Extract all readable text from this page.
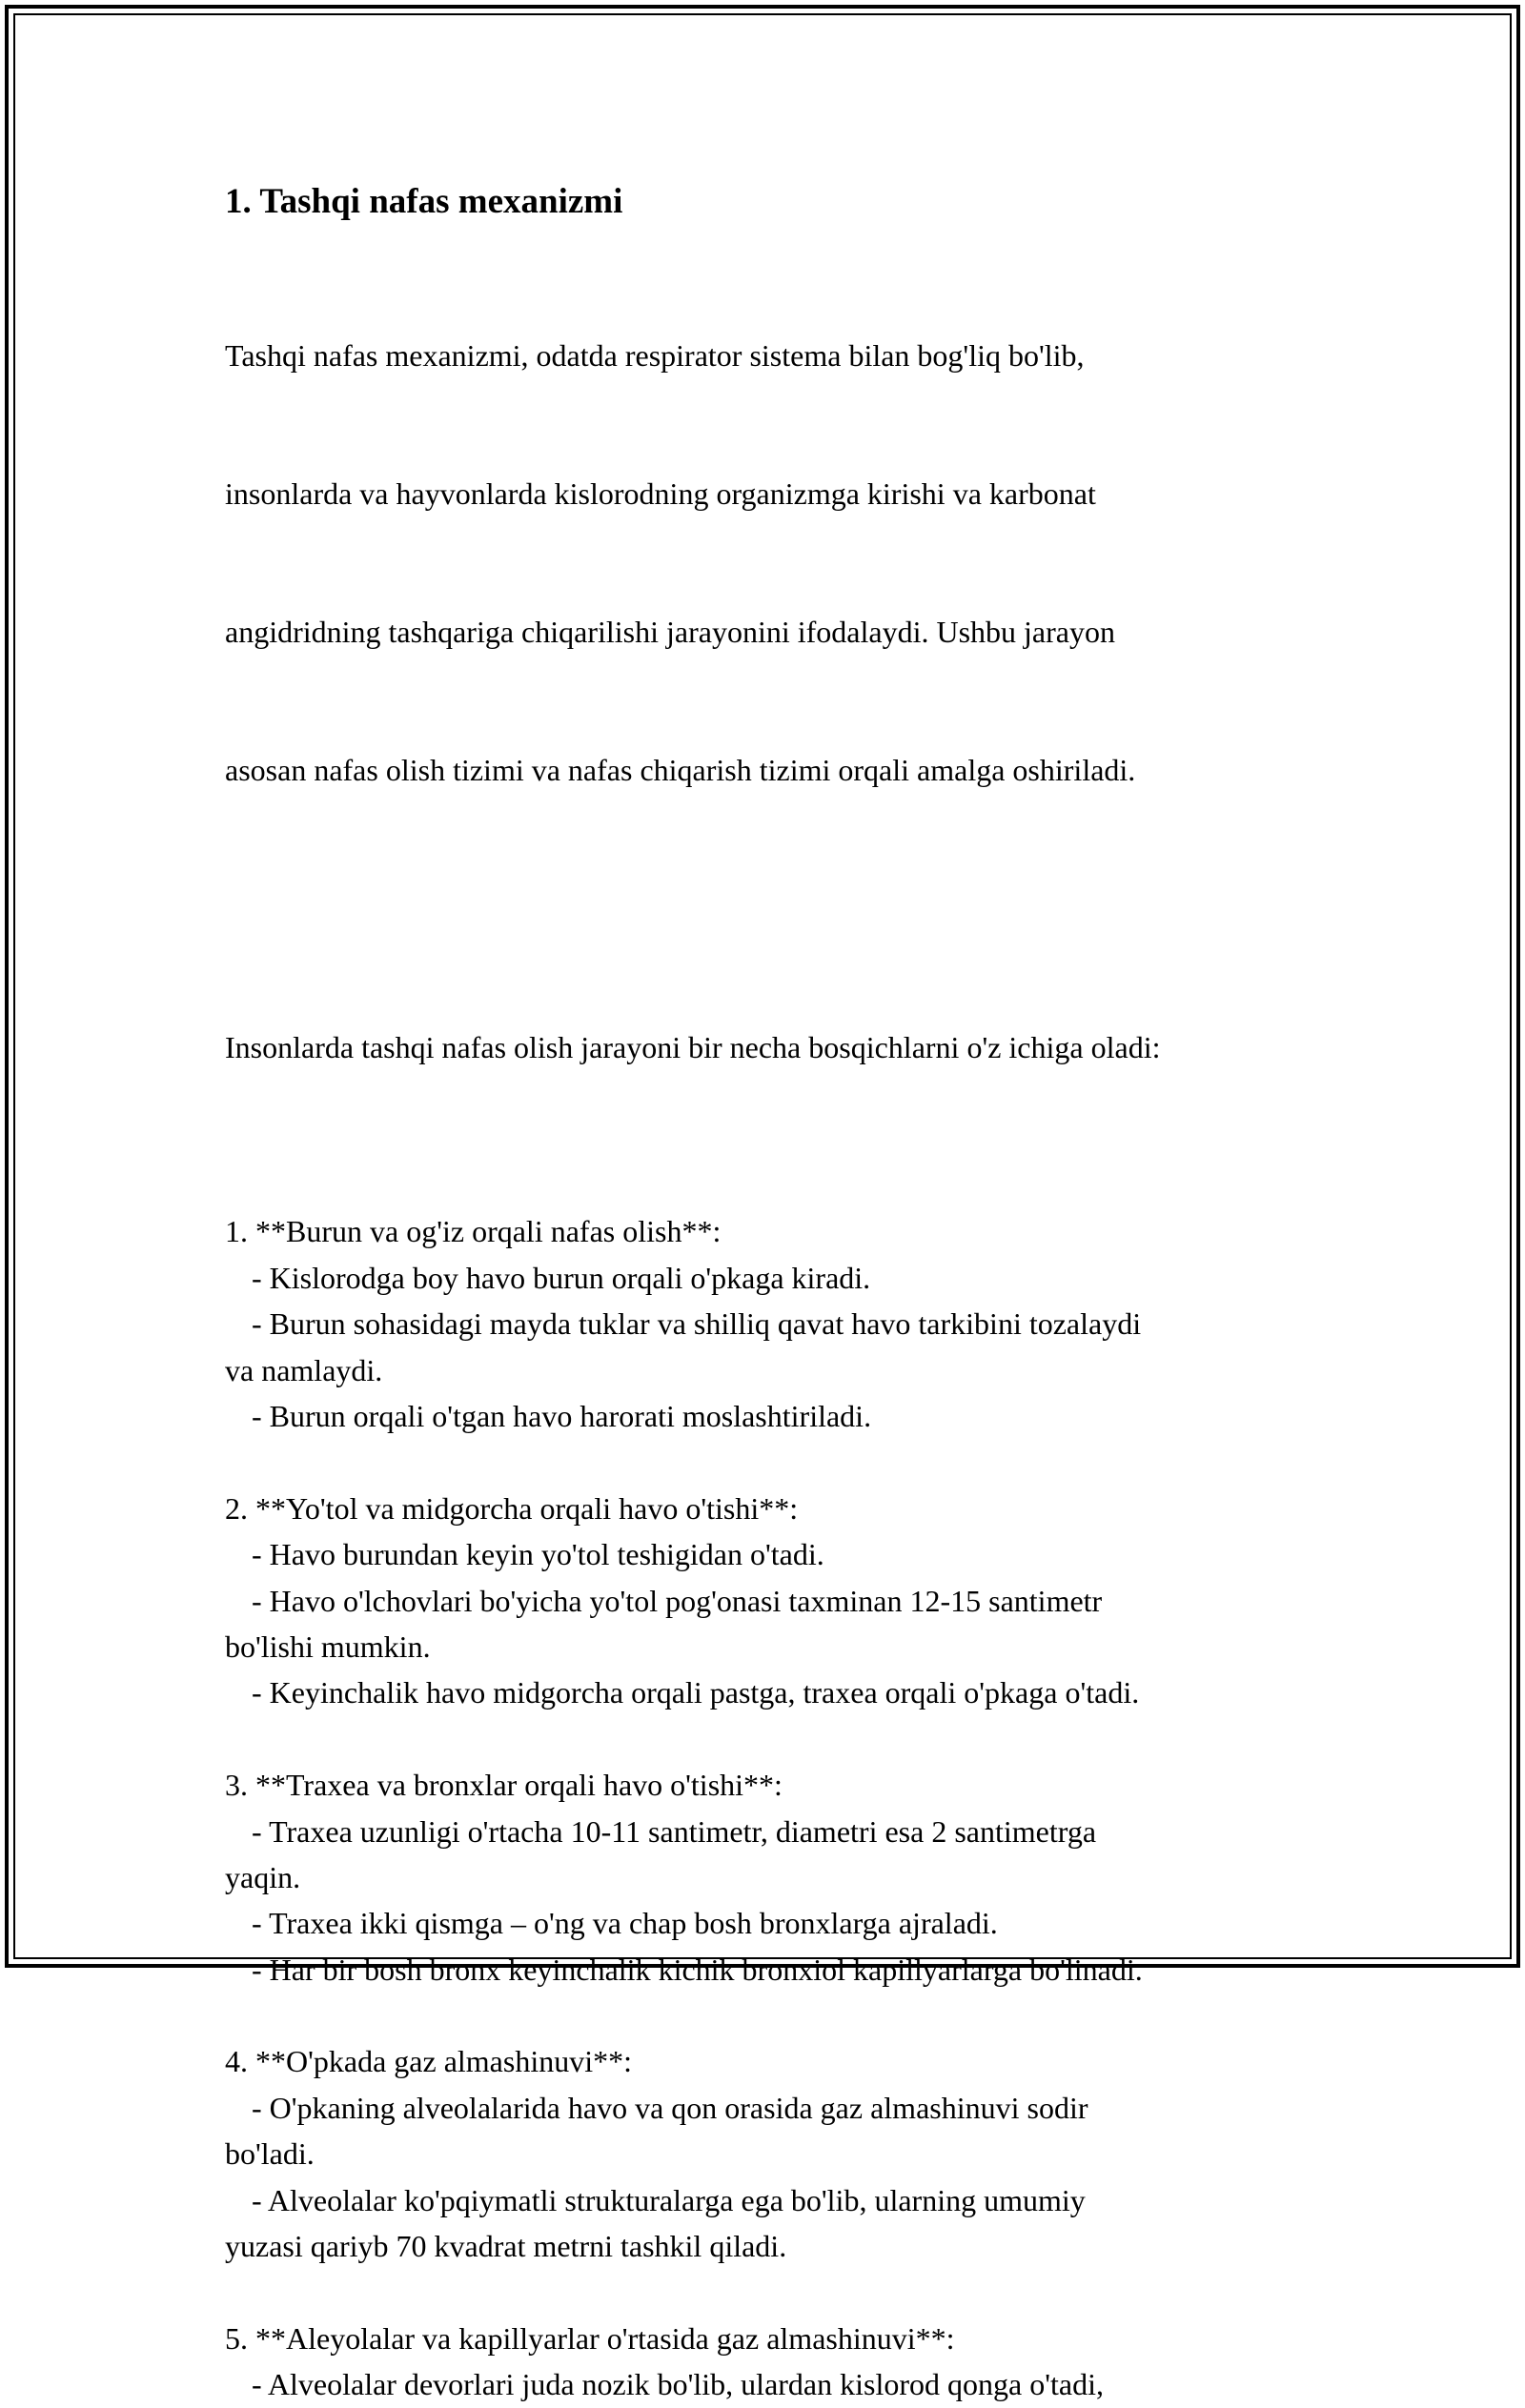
1. Tashqi nafas mexanizmi

Tashqi nafas mexanizmi, odatda respirator sistema bilan bog'liq bo'lib,

insonlarda va hayvonlarda kislorodning organizmga kirishi va karbonat

angidridning tashqariga chiqarilishi jarayonini ifodalaydi. Ushbu jarayon

asosan nafas olish tizimi va nafas chiqarish tizimi orqali amalga oshiriladi.

Insonlarda tashqi nafas olish jarayoni bir necha bosqichlarni o'z ichiga oladi:

1. **Burun va og'iz orqali nafas olish**:
- Kislorodga boy havo burun orqali o'pkaga kiradi.
- Burun sohasidagi mayda tuklar va shilliq qavat havo tarkibini tozalaydi
va namlaydi.
- Burun orqali o'tgan havo harorati moslashtiriladi.
2. **Yo'tol va midgorcha orqali havo o'tishi**:
- Havo burundan keyin yo'tol teshigidan o'tadi.
- Havo o'lchovlari bo'yicha yo'tol pog'onasi taxminan 12-15 santimetr
bo'lishi mumkin.
- Keyinchalik havo midgorcha orqali pastga, traxea orqali o'pkaga o'tadi.
3. **Traxea va bronxlar orqali havo o'tishi**:
- Traxea uzunligi o'rtacha 10-11 santimetr, diametri esa 2 santimetrga
yaqin.
- Traxea ikki qismga – o'ng va chap bosh bronxlarga ajraladi.
- Har bir bosh bronx keyinchalik kichik bronxiol kapillyarlarga bo'linadi.
4. **O'pkada gaz almashinuvi**:
- O'pkaning alveolalarida havo va qon orasida gaz almashinuvi sodir
bo'ladi.
- Alveolalar ko'pqiymatli strukturalarga ega bo'lib, ularning umumiy
yuzasi qariyb 70 kvadrat metrni tashkil qiladi.
5. **Aleyolalar va kapillyarlar o'rtasida gaz almashinuvi**:
- Alveolalar devorlari juda nozik bo'lib, ulardan kislorod qonga o'tadi,
